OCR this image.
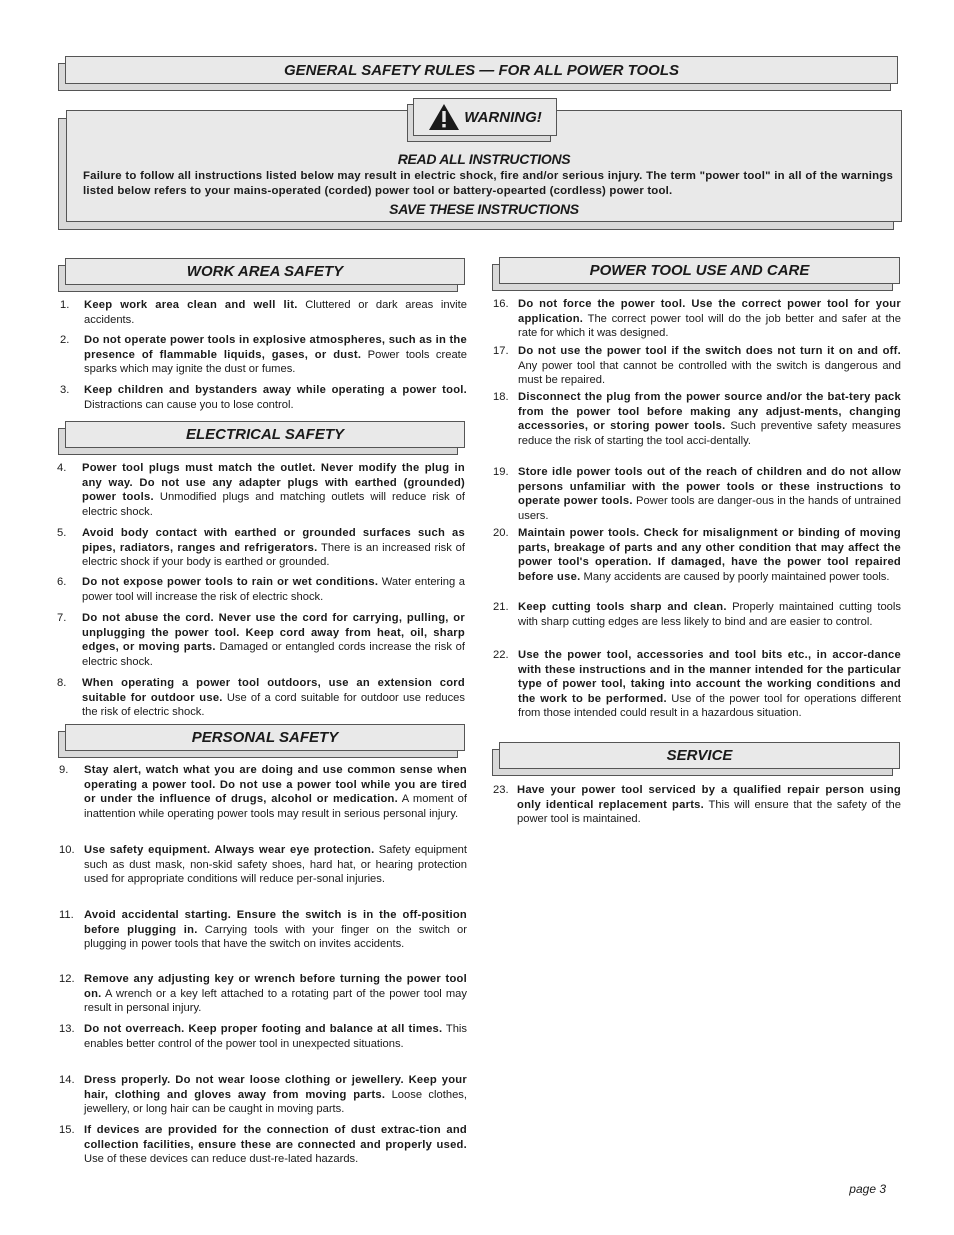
GENERAL SAFETY RULES — FOR ALL POWER TOOLS
READ ALL INSTRUCTIONS
Failure to follow all instructions listed below may result in electric shock, fire and/or serious injury. The term "power tool" in all of the warnings listed below refers to your mains-operated (corded) power tool or battery-opearted (cordless) power tool.
SAVE THESE INSTRUCTIONS
WARNING!
WORK AREA SAFETY
ELECTRICAL SAFETY
PERSONAL SAFETY
POWER TOOL USE AND CARE
SERVICE
1.	Keep work area clean and well lit. Cluttered or dark areas invite accidents.
2.	Do not operate power tools in explosive atmospheres, such as in the presence of flammable liquids, gases, or dust. Power tools create sparks which may ignite the dust or fumes.
3.	Keep children and bystanders away while operating a power tool. Distractions can cause you to lose control.
4.	Power tool plugs must match the outlet. Never modify the plug in any way. Do not use any adapter plugs with earthed (grounded) power tools. Unmodified plugs and matching outlets will reduce risk of electric shock.
5.	Avoid body contact with earthed or grounded surfaces such as pipes, radiators, ranges and refrigerators. There is an increased risk of electric shock if your body is earthed or grounded.
6.	Do not expose power tools to rain or wet conditions. Water entering a power tool will increase the risk of electric shock.
7.	Do not abuse the cord. Never use the cord for carrying, pulling, or unplugging the power tool. Keep cord away from heat, oil, sharp edges, or moving parts. Damaged or entangled cords increase the risk of electric shock.
8.	When operating a power tool outdoors, use an extension cord suitable for outdoor use. Use of a cord suitable for outdoor use reduces the risk of electric shock.
9.	Stay alert, watch what you are doing and use common sense when operating a power tool. Do not use a power tool while you are tired or under the influence of drugs, alcohol or medication. A moment of inattention while operating power tools may result in serious personal injury.
10. Use safety equipment. Always wear eye protection. Safety equipment such as dust mask, non-skid safety shoes, hard hat, or hearing protection used for appropriate conditions will reduce per-sonal injuries.
11. Avoid accidental starting. Ensure the switch is in the off-position before plugging in. Carrying tools with your finger on the switch or plugging in power tools that have the switch on invites accidents.
12. Remove any adjusting key or wrench before turning the power tool on. A wrench or a key left attached to a rotating part of the power tool may result in personal injury.
13. Do not overreach. Keep proper footing and balance at all times. This enables better control of the power tool in unexpected situations.
14. Dress properly. Do not wear loose clothing or jewellery. Keep your hair, clothing and gloves away from moving parts. Loose clothes, jewellery, or long hair can be caught in moving parts.
15. If devices are provided for the connection of dust extrac-tion and collection facilities, ensure these are connected and properly used. Use of these devices can reduce dust-re-lated hazards.
16. Do not force the power tool. Use the correct power tool for your application. The correct power tool will do the job better and safer at the rate for which it was designed.
17. Do not use the power tool if the switch does not turn it on and off. Any power tool that cannot be controlled with the switch is dangerous and must be repaired.
18. Disconnect the plug from the power source and/or the bat-tery pack from the power tool before making any adjust-ments, changing accessories, or storing power tools. Such preventive safety measures reduce the risk of starting the tool acci-dentally.
19. Store idle power tools out of the reach of children and do not allow persons unfamiliar with the power tools or these instructions to operate power tools. Power tools are danger-ous in the hands of untrained users.
20. Maintain power tools. Check for misalignment or binding of moving parts, breakage of parts and any other condition that may affect the power tool's operation. If damaged, have the power tool repaired before use. Many accidents are caused by poorly maintained power tools.
21. Keep cutting tools sharp and clean. Properly maintained cutting tools with sharp cutting edges are less likely to bind and are easier to control.
22. Use the power tool, accessories and tool bits etc., in accor-dance with these instructions and in the manner intended for the particular type of power tool, taking into account the working conditions and the work to be performed. Use of the power tool for operations different from those intended could result in a hazardous situation.
23. Have your power tool serviced by a qualified repair person using only identical replacement parts. This will ensure that the safety of the power tool is maintained.
page 3
